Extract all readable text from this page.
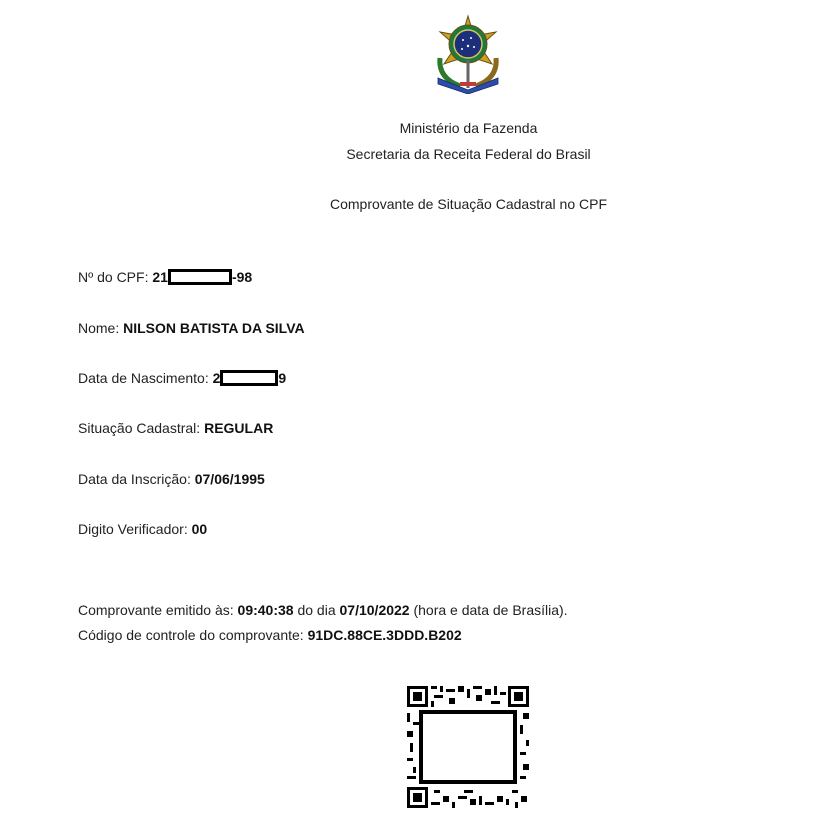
Ministério da Fazenda
Secretaria da Receita Federal do Brasil
Comprovante de Situação Cadastral no CPF
Nº do CPF: 21	-98
Nome: NILSON BATISTA DA SILVA
Data de Nascimento: 2	9
Situação Cadastral: REGULAR
Data da Inscrição: 07/06/1995
Digito Verificador: 00
Comprovante emitido às: 09:40:38 do dia 07/10/2022 (hora e data de Brasília).
Código de controle do comprovante: 91DC.88CE.3DDD.B202
